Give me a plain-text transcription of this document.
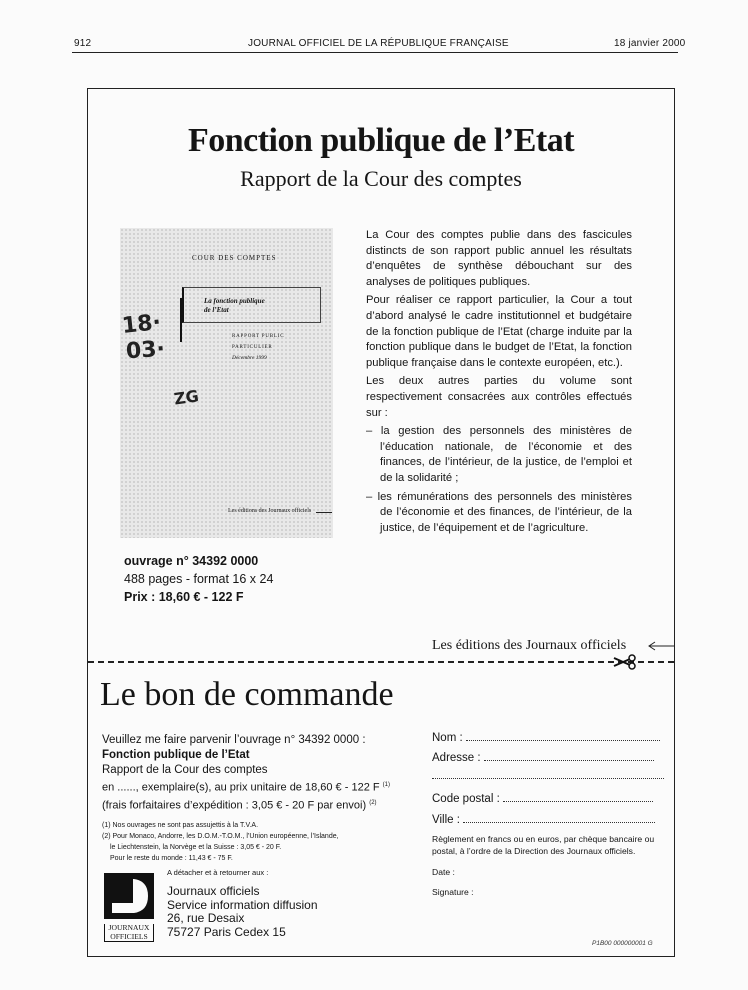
912	JOURNAL OFFICIEL DE LA RÉPUBLIQUE FRANÇAISE	18 janvier 2000
Fonction publique de l’Etat
Rapport de la Cour des comptes
COUR DES COMPTES
La fonction publique
de l’Etat
RAPPORT PUBLIC
PARTICULIER
Décembre 1999
18·
03·
ZG
Les éditions des Journaux officiels

La Cour des comptes publie dans des fascicules distincts de son rapport public annuel les résultats d’enquêtes de synthèse débouchant sur des analyses de politiques publiques.

Pour réaliser ce rapport particulier, la Cour a tout d’abord analysé le cadre institutionnel et budgétaire de la fonction publique de l’Etat (charge induite par la fonction publique dans le budget de l’Etat, la fonction publique française dans le contexte européen, etc.).

Les deux autres parties du volume sont respectivement consacrées aux contrôles effectués sur :

– la gestion des personnels des ministères de l’éducation nationale, de l’économie et des finances, de l’intérieur, de la justice, de l’emploi et de la solidarité ;

– les rémunérations des personnels des ministères de l’économie et des finances, de l’intérieur, de la justice, de l’équipement et de l’agriculture.

ouvrage n° 34392 0000
488 pages - format 16 x 24
Prix : 18,60 € - 122 F
Les éditions des Journaux officiels
Le bon de commande
Veuillez me faire parvenir l’ouvrage n° 34392 0000 :
Fonction publique de l’Etat
Rapport de la Cour des comptes
en ......, exemplaire(s), au prix unitaire de 18,60 € - 122 F $^{(1)}$
(frais forfaitaires d’expédition : 3,05 € - 20 F par envoi) $^{(2)}$
(1) Nos ouvrages ne sont pas assujettis à la T.V.A.
(2) Pour Monaco, Andorre, les D.O.M.-T.O.M., l’Union européenne, l’Islande,
le Liechtenstein, la Norvège et la Suisse : 3,05 € - 20 F.
Pour le reste du monde : 11,43 € - 75 F.
Nom :
Adresse :
Code postal :
Ville :
Règlement en francs ou en euros, par chèque bancaire ou postal, à l’ordre de la Direction des Journaux officiels.
Date :
Signature :
JOURNAUX
OFFICIELS
A détacher et à retourner aux :
Journaux officiels
Service information diffusion
26, rue Desaix
75727 Paris Cedex 15
P1B00 000000001 G
